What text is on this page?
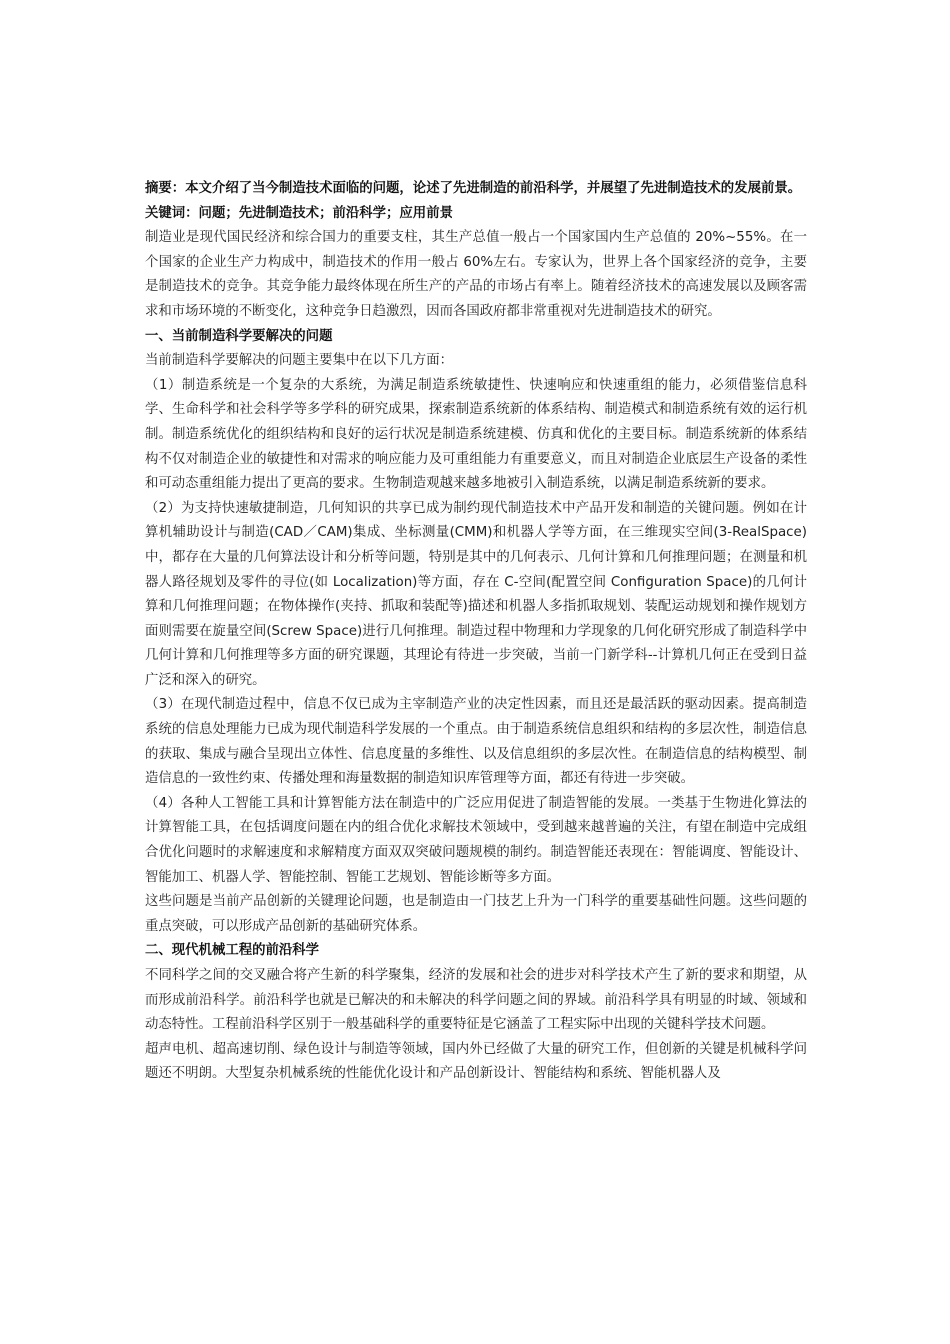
摘要：本文介绍了当今制造技术面临的问题，论述了先进制造的前沿科学，并展望了先进制造技术的发展前景。

关键词：问题；先进制造技术；前沿科学；应用前景

制造业是现代国民经济和综合国力的重要支柱，其生产总值一般占一个国家国内生产总值的 20%~55%。在一个国家的企业生产力构成中，制造技术的作用一般占 60%左右。专家认为，世界上各个国家经济的竞争，主要是制造技术的竞争。其竞争能力最终体现在所生产的产品的市场占有率上。随着经济技术的高速发展以及顾客需求和市场环境的不断变化，这种竞争日趋激烈，因而各国政府都非常重视对先进制造技术的研究。

一、当前制造科学要解决的问题

当前制造科学要解决的问题主要集中在以下几方面：

（1）制造系统是一个复杂的大系统，为满足制造系统敏捷性、快速响应和快速重组的能力，必须借鉴信息科学、生命科学和社会科学等多学科的研究成果，探索制造系统新的体系结构、制造模式和制造系统有效的运行机制。制造系统优化的组织结构和良好的运行状况是制造系统建模、仿真和优化的主要目标。制造系统新的体系结构不仅对制造企业的敏捷性和对需求的响应能力及可重组能力有重要意义，而且对制造企业底层生产设备的柔性和可动态重组能力提出了更高的要求。生物制造观越来越多地被引入制造系统，以满足制造系统新的要求。

（2）为支持快速敏捷制造，几何知识的共享已成为制约现代制造技术中产品开发和制造的关键问题。例如在计算机辅助设计与制造(CAD／CAM)集成、坐标测量(CMM)和机器人学等方面，在三维现实空间(3-RealSpace)中，都存在大量的几何算法设计和分析等问题，特别是其中的几何表示、几何计算和几何推理问题；在测量和机器人路径规划及零件的寻位(如 Localization)等方面，存在 C-空间(配置空间 Configuration Space)的几何计算和几何推理问题；在物体操作(夹持、抓取和装配等)描述和机器人多指抓取规划、装配运动规划和操作规划方面则需要在旋量空间(Screw Space)进行几何推理。制造过程中物理和力学现象的几何化研究形成了制造科学中几何计算和几何推理等多方面的研究课题，其理论有待进一步突破，当前一门新学科--计算机几何正在受到日益广泛和深入的研究。

（3）在现代制造过程中，信息不仅已成为主宰制造产业的决定性因素，而且还是最活跃的驱动因素。提高制造系统的信息处理能力已成为现代制造科学发展的一个重点。由于制造系统信息组织和结构的多层次性，制造信息的获取、集成与融合呈现出立体性、信息度量的多维性、以及信息组织的多层次性。在制造信息的结构模型、制造信息的一致性约束、传播处理和海量数据的制造知识库管理等方面，都还有待进一步突破。

（4）各种人工智能工具和计算智能方法在制造中的广泛应用促进了制造智能的发展。一类基于生物进化算法的计算智能工具，在包括调度问题在内的组合优化求解技术领域中，受到越来越普遍的关注，有望在制造中完成组合优化问题时的求解速度和求解精度方面双双突破问题规模的制约。制造智能还表现在：智能调度、智能设计、智能加工、机器人学、智能控制、智能工艺规划、智能诊断等多方面。

这些问题是当前产品创新的关键理论问题，也是制造由一门技艺上升为一门科学的重要基础性问题。这些问题的重点突破，可以形成产品创新的基础研究体系。

二、现代机械工程的前沿科学

不同科学之间的交叉融合将产生新的科学聚集，经济的发展和社会的进步对科学技术产生了新的要求和期望，从而形成前沿科学。前沿科学也就是已解决的和未解决的科学问题之间的界域。前沿科学具有明显的时域、领域和动态特性。工程前沿科学区别于一般基础科学的重要特征是它涵盖了工程实际中出现的关键科学技术问题。

超声电机、超高速切削、绿色设计与制造等领域，国内外已经做了大量的研究工作，但创新的关键是机械科学问题还不明朗。大型复杂机械系统的性能优化设计和产品创新设计、智能结构和系统、智能机器人及
